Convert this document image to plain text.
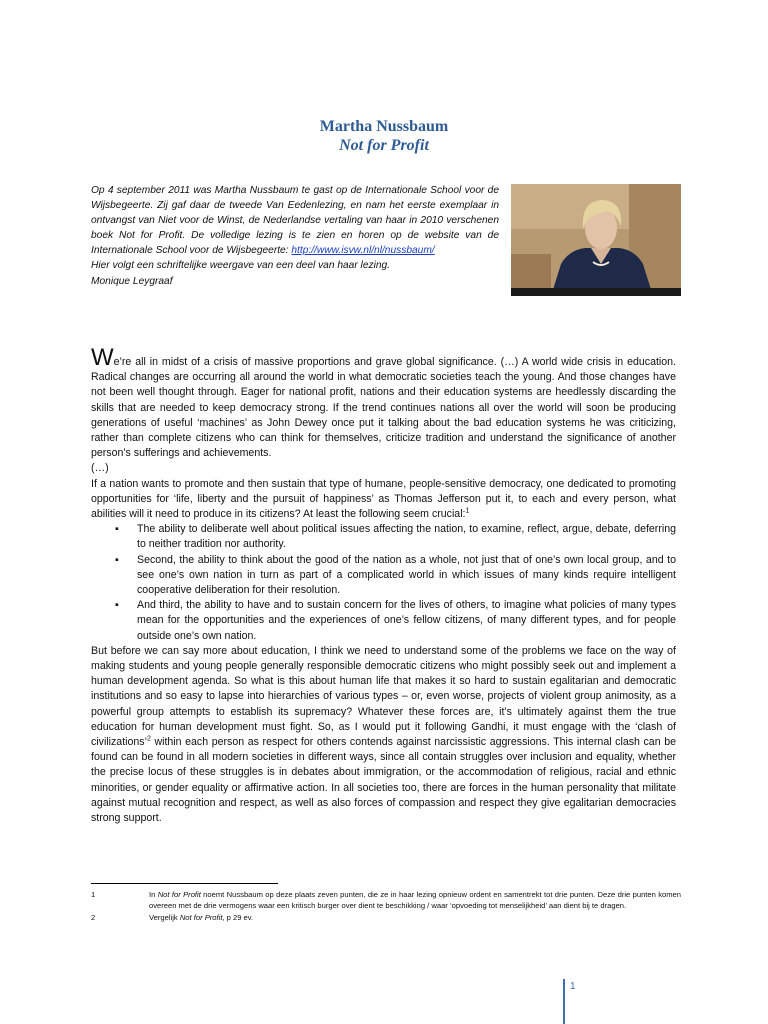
Martha Nussbaum
Not for Profit

Op 4 september 2011 was Martha Nussbaum te gast op de Internationale School voor de Wijsbegeerte. Zij gaf daar de tweede Van Eedenlezing, en nam het eerste exemplaar in ontvangst van Niet voor de Winst, de Nederlandse vertaling van haar in 2010 verschenen boek Not for Profit. De volledige lezing is te zien en horen op de website van de Internationale School voor de Wijsbegeerte: http://www.isvw.nl/nl/nussbaum/

Hier volgt een schriftelijke weergave van een deel van haar lezing.

Monique Leygraaf

We’re all in midst of a crisis of massive proportions and grave global significance. (…) A world wide crisis in education. Radical changes are occurring all around the world in what democratic societies teach the young. And those changes have not been well thought through. Eager for national profit, nations and their education systems are heedlessly discarding the skills that are needed to keep democracy strong. If the trend continues nations all over the world will soon be producing generations of useful ‘machines’ as John Dewey once put it talking about the bad education systems he was criticizing, rather than complete citizens who can think for themselves, criticize tradition and understand the significance of another person’s sufferings and achievements.

(…)

If a nation wants to promote and then sustain that type of humane, people-sensitive democracy, one dedicated to promoting opportunities for ‘life, liberty and the pursuit of happiness’ as Thomas Jefferson put it, to each and every person, what abilities will it need to produce in its citizens? At least the following seem crucial:$^1$

▪ The ability to deliberate well about political issues affecting the nation, to examine, reflect, argue, debate, deferring to neither tradition nor authority.
▪ Second, the ability to think about the good of the nation as a whole, not just that of one’s own local group, and to see one’s own nation in turn as part of a complicated world in which issues of many kinds require intelligent cooperative deliberation for their resolution.
▪ And third, the ability to have and to sustain concern for the lives of others, to imagine what policies of many types mean for the opportunities and the experiences of one’s fellow citizens, of many different types, and for people outside one’s own nation.

But before we can say more about education, I think we need to understand some of the problems we face on the way of making students and young people generally responsible democratic citizens who might possibly seek out and implement a human development agenda. So what is this about human life that makes it so hard to sustain egalitarian and democratic institutions and so easy to lapse into hierarchies of various types – or, even worse, projects of violent group animosity, as a powerful group attempts to establish its supremacy? Whatever these forces are, it’s ultimately against them the true education for human development must fight. So, as I would put it following Gandhi, it must engage with the ‘clash of civilizations’$^2$ within each person as respect for others contends against narcissistic aggressions. This internal clash can be found can be found in all modern societies in different ways, since all contain struggles over inclusion and equality, whether the precise locus of these struggles is in debates about immigration, or the accommodation of religious, racial and ethnic minorities, or gender equality or affirmative action. In all societies too, there are forces in the human personality that militate against mutual recognition and respect, as well as also forces of compassion and respect they give egalitarian democracies strong support.

1	In Not for Profit noemt Nussbaum op deze plaats zeven punten, die ze in haar lezing opnieuw ordent en samentrekt tot drie punten. Deze drie punten komen overeen met de drie vermogens waar een kritisch burger over dient te beschikking / waar ‘opvoeding tot menselijkheid’ aan dient bij te dragen.
2	Vergelijk Not for Profit, p 29 ev.
1
